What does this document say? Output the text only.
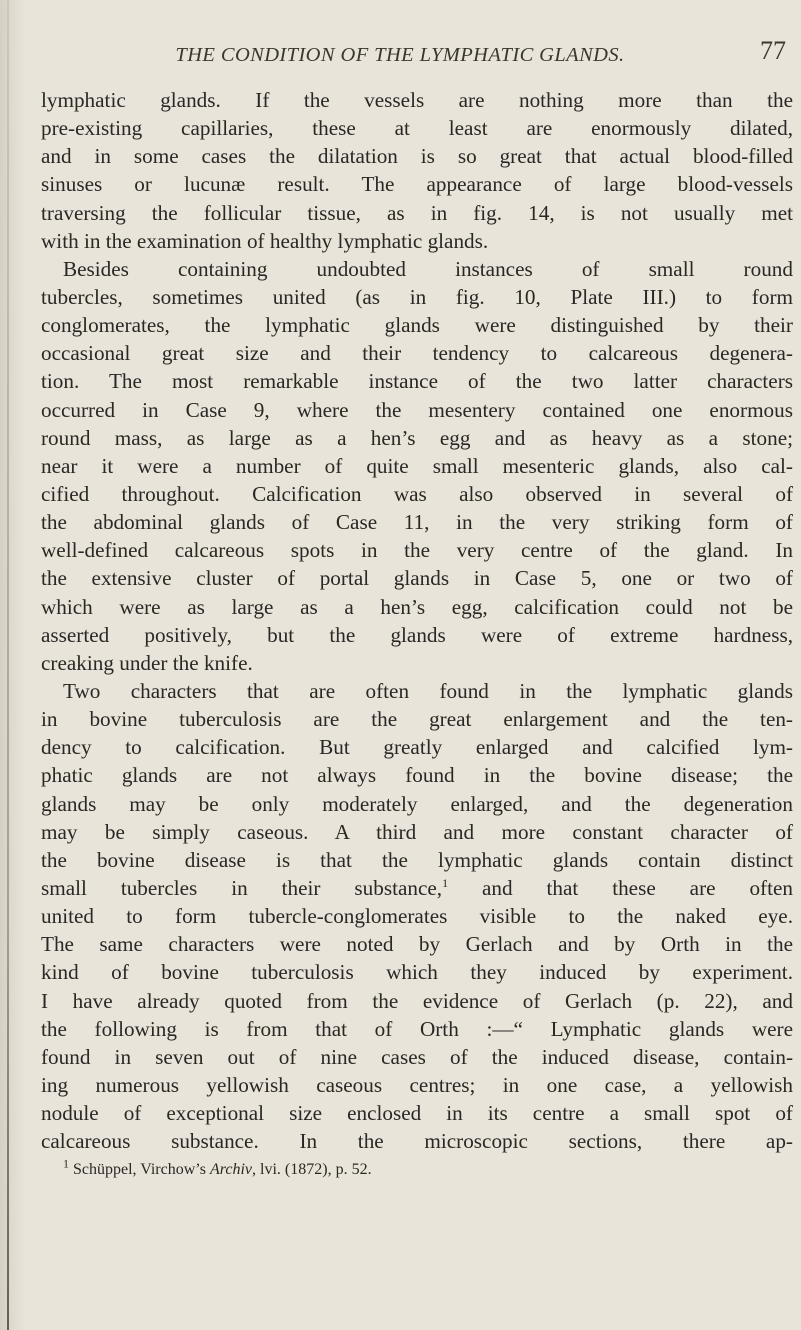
THE CONDITION OF THE LYMPHATIC GLANDS.	77
lymphatic glands. If the vessels are nothing more than the
pre-existing capillaries, these at least are enormously dilated,
and in some cases the dilatation is so great that actual blood-filled
sinuses or lucunæ result. The appearance of large blood-vessels
traversing the follicular tissue, as in fig. 14, is not usually met
with in the examination of healthy lymphatic glands.
Besides containing undoubted instances of small round
tubercles, sometimes united (as in fig. 10, Plate III.) to form
conglomerates, the lymphatic glands were distinguished by their
occasional great size and their tendency to calcareous degenera-
tion. The most remarkable instance of the two latter characters
occurred in Case 9, where the mesentery contained one enormous
round mass, as large as a hen’s egg and as heavy as a stone;
near it were a number of quite small mesenteric glands, also cal-
cified throughout. Calcification was also observed in several of
the abdominal glands of Case 11, in the very striking form of
well-defined calcareous spots in the very centre of the gland. In
the extensive cluster of portal glands in Case 5, one or two of
which were as large as a hen’s egg, calcification could not be
asserted positively, but the glands were of extreme hardness,
creaking under the knife.
Two characters that are often found in the lymphatic glands
in bovine tuberculosis are the great enlargement and the ten-
dency to calcification. But greatly enlarged and calcified lym-
phatic glands are not always found in the bovine disease; the
glands may be only moderately enlarged, and the degeneration
may be simply caseous. A third and more constant character of
the bovine disease is that the lymphatic glands contain distinct
small tubercles in their substance,$^1$ and that these are often
united to form tubercle-conglomerates visible to the naked eye.
The same characters were noted by Gerlach and by Orth in the
kind of bovine tuberculosis which they induced by experiment.
I have already quoted from the evidence of Gerlach (p. 22), and
the following is from that of Orth :—“ Lymphatic glands were
found in seven out of nine cases of the induced disease, contain-
ing numerous yellowish caseous centres; in one case, a yellowish
nodule of exceptional size enclosed in its centre a small spot of
calcareous substance. In the microscopic sections, there ap-
$^1$ Schüppel, Virchow’s Archiv, lvi. (1872), p. 52.
